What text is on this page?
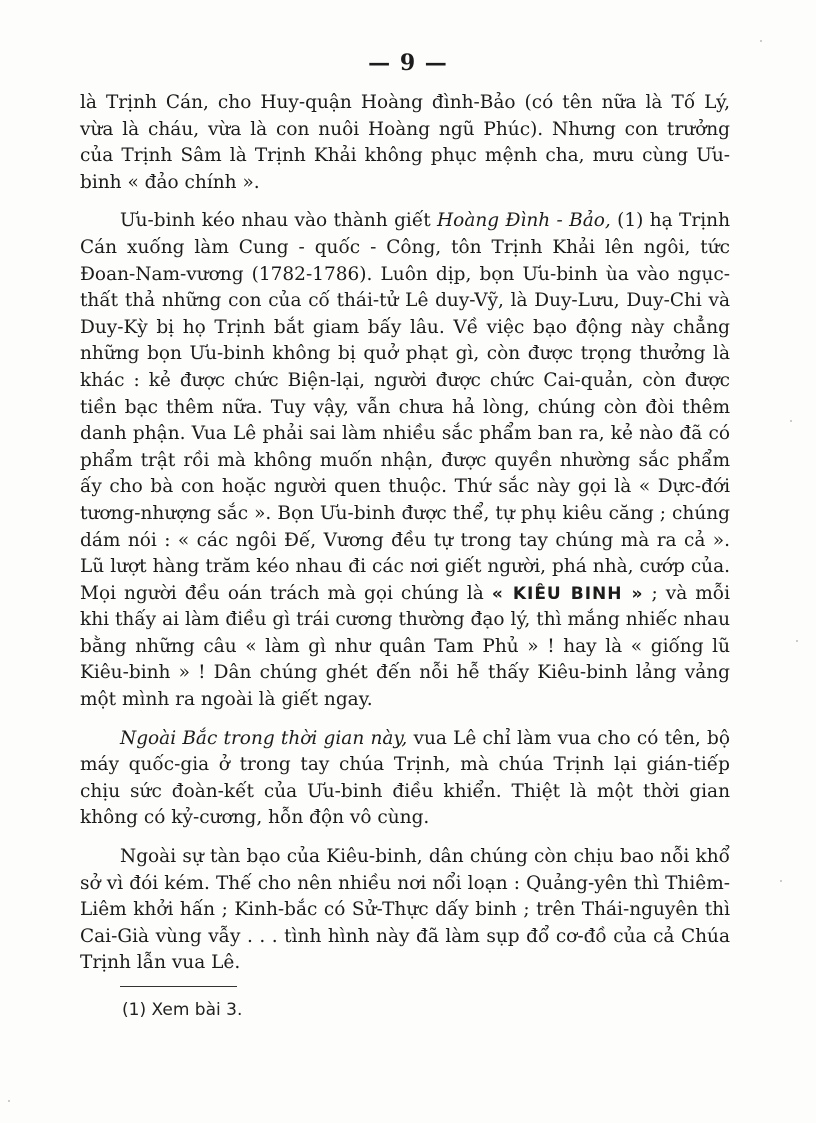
— 9 —

là Trịnh Cán, cho Huy-quận Hoàng đình-Bảo (có tên nữa là Tố Lý, vừa là cháu, vừa là con nuôi Hoàng ngũ Phúc). Nhưng con trưởng của Trịnh Sâm là Trịnh Khải không phục mệnh cha, mưu cùng Ưu-binh « đảo chính ».

Ưu-binh kéo nhau vào thành giết Hoàng Đình - Bảo, (1) hạ Trịnh Cán xuống làm Cung - quốc - Công, tôn Trịnh Khải lên ngôi, tức Đoan-Nam-vương (1782-1786). Luôn dịp, bọn Ưu-binh ùa vào ngục-thất thả những con của cố thái-tử Lê duy-Vỹ, là Duy-Lưu, Duy-Chi và Duy-Kỳ bị họ Trịnh bắt giam bấy lâu. Về việc bạo động này chẳng những bọn Ưu-binh không bị quở phạt gì, còn được trọng thưởng là khác : kẻ được chức Biện-lại, người được chức Cai-quản, còn được tiền bạc thêm nữa. Tuy vậy, vẫn chưa hả lòng, chúng còn đòi thêm danh phận. Vua Lê phải sai làm nhiều sắc phẩm ban ra, kẻ nào đã có phẩm trật rồi mà không muốn nhận, được quyền nhường sắc phẩm ấy cho bà con hoặc người quen thuộc. Thứ sắc này gọi là « Dực-đới tương-nhượng sắc ». Bọn Ưu-binh được thể, tự phụ kiêu căng ; chúng dám nói : « các ngôi Đế, Vương đều tự trong tay chúng mà ra cả ». Lũ lượt hàng trăm kéo nhau đi các nơi giết người, phá nhà, cướp của. Mọi người đều oán trách mà gọi chúng là « KIÊU BINH » ; và mỗi khi thấy ai làm điều gì trái cương thường đạo lý, thì mắng nhiếc nhau bằng những câu « làm gì như quân Tam Phủ » ! hay là « giống lũ Kiêu-binh » ! Dân chúng ghét đến nỗi hễ thấy Kiêu-binh lảng vảng một mình ra ngoài là giết ngay.

Ngoài Bắc trong thời gian này, vua Lê chỉ làm vua cho có tên, bộ máy quốc-gia ở trong tay chúa Trịnh, mà chúa Trịnh lại gián-tiếp chịu sức đoàn-kết của Ưu-binh điều khiển. Thiệt là một thời gian không có kỷ-cương, hỗn độn vô cùng.

Ngoài sự tàn bạo của Kiêu-binh, dân chúng còn chịu bao nỗi khổ sở vì đói kém. Thế cho nên nhiều nơi nổi loạn : Quảng-yên thì Thiêm-Liêm khởi hấn ; Kinh-bắc có Sử-Thực dấy binh ; trên Thái-nguyên thì Cai-Già vùng vẫy . . . tình hình này đã làm sụp đổ cơ-đồ của cả Chúa Trịnh lẫn vua Lê.

(1) Xem bài 3.
